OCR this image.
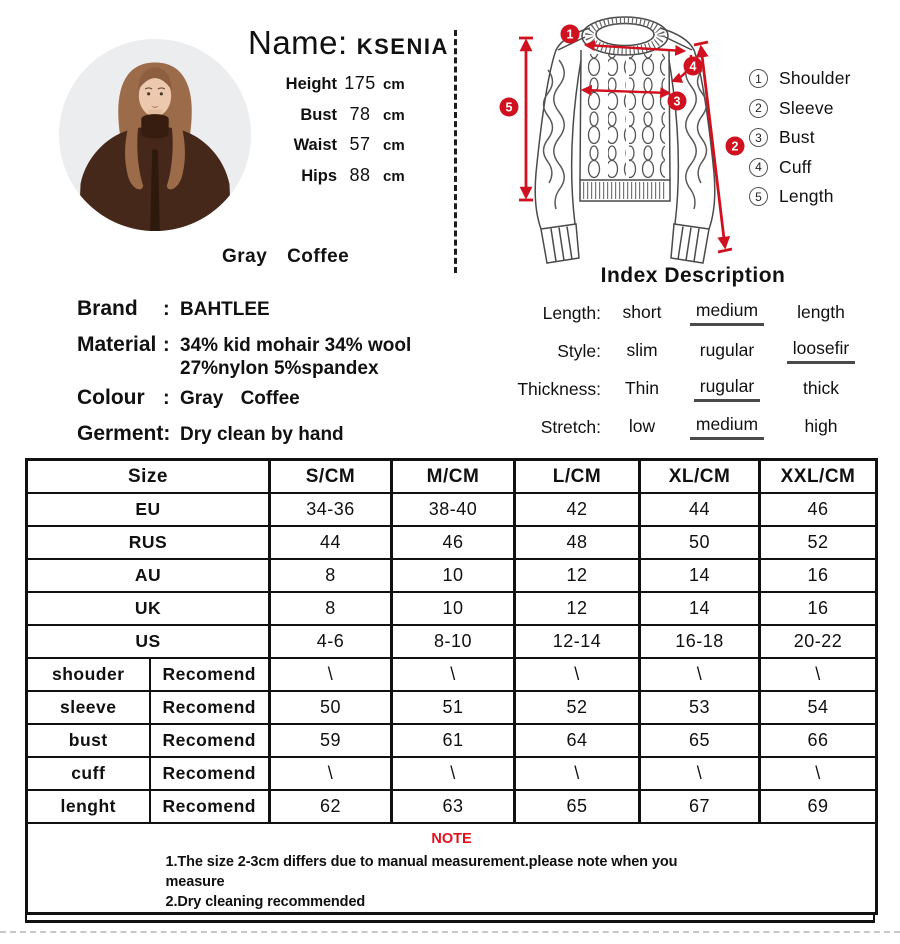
Name: KSENIA
Height 175 cm
Bust 78 cm
Waist 57 cm
Hips 88 cm
Gray Coffee
Brand	: BAHTLEE
Material : 34% kid mohair 34% wool
27%nylon 5%spandex
Colour : Gray Coffee
Germent: Dry clean by hand
1
2
3
4
5
1 Shoulder
2 Sleeve
3 Bust
4 Cuff
5 Length
Index Description
Length:	short	medium	length
Style:	slim	rugular	loosefir
Thickness:	Thin	rugular	thick
Stretch:	low	medium	high
Size		S/CM	M/CM	L/CM	XL/CM	XXL/CM
EU		34-36	38-40	42	44	46
RUS		44	46	48	50	52
AU		8	10	12	14	16
UK		8	10	12	14	16
US		4-6	8-10	12-14	16-18	20-22
shouder	Recomend	\	\	\	\	\
sleeve	Recomend	50	51	52	53	54
bust	Recomend	59	61	64	65	66
cuff	Recomend	\	\	\	\	\
lenght	Recomend	62	63	65	67	69

NOTE
1.The size 2-3cm differs due to manual measurement.please note when you measure
2.Dry cleaning recommended						
